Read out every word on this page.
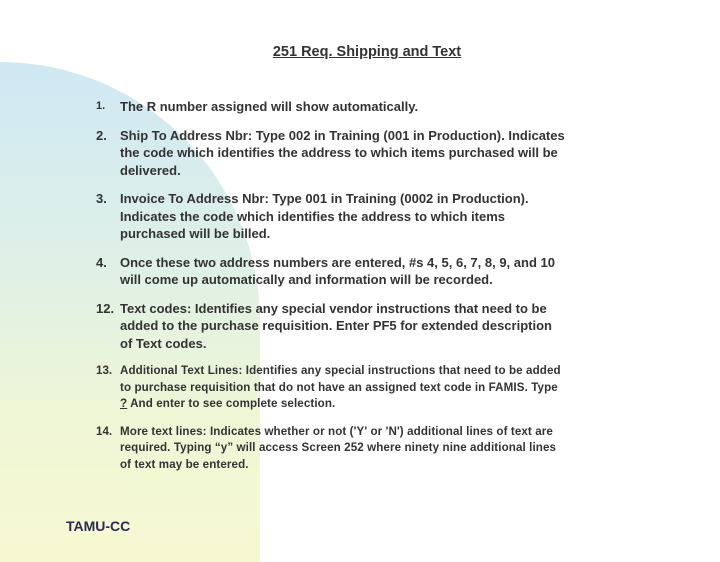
251 Req. Shipping and Text
1.	The R number assigned will show automatically.
2.	Ship To Address Nbr: Type 002 in Training (001 in Production). Indicates the code which identifies the address to which items purchased will be delivered.
3.	Invoice To Address Nbr: Type 001 in Training (0002 in Production). Indicates the code which identifies the address to which items purchased will be billed.
4.	Once these two address numbers are entered, #s 4, 5, 6, 7, 8, 9, and 10 will come up automatically and information will be recorded.
12. Text codes: Identifies any special vendor instructions that need to be added to the purchase requisition. Enter PF5 for extended description of Text codes.
13. Additional Text Lines: Identifies any special instructions that need to be added to purchase requisition that do not have an assigned text code in FAMIS. Type ? And enter to see complete selection.
14. More text lines: Indicates whether or not ('Y' or 'N') additional lines of text are required. Typing “y” will access Screen 252 where ninety nine additional lines of text may be entered.
TAMU-CC
